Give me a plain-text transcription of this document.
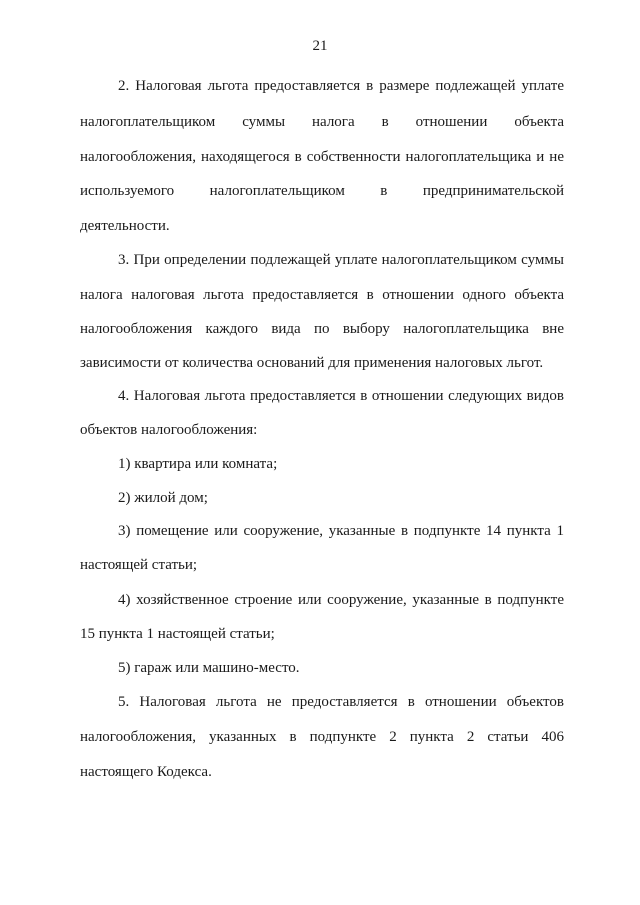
21
2. Налоговая льгота предоставляется в размере подлежащей уплате
налогоплательщиком суммы налога в отношении объекта
налогообложения, находящегося в собственности налогоплательщика и не
используемого налогоплательщиком в предпринимательской
деятельности.
3. При определении подлежащей уплате налогоплательщиком суммы
налога налоговая льгота предоставляется в отношении одного объекта
налогообложения каждого вида по выбору налогоплательщика вне
зависимости от количества оснований для применения налоговых льгот.
4. Налоговая льгота предоставляется в отношении следующих видов
объектов налогообложения:
1) квартира или комната;
2) жилой дом;
3) помещение или сооружение, указанные в подпункте 14 пункта 1
настоящей статьи;
4) хозяйственное строение или сооружение, указанные в подпункте
15 пункта 1 настоящей статьи;
5) гараж или машино-место.
5. Налоговая льгота не предоставляется в отношении объектов
налогообложения, указанных в подпункте 2 пункта 2 статьи 406
настоящего Кодекса.
